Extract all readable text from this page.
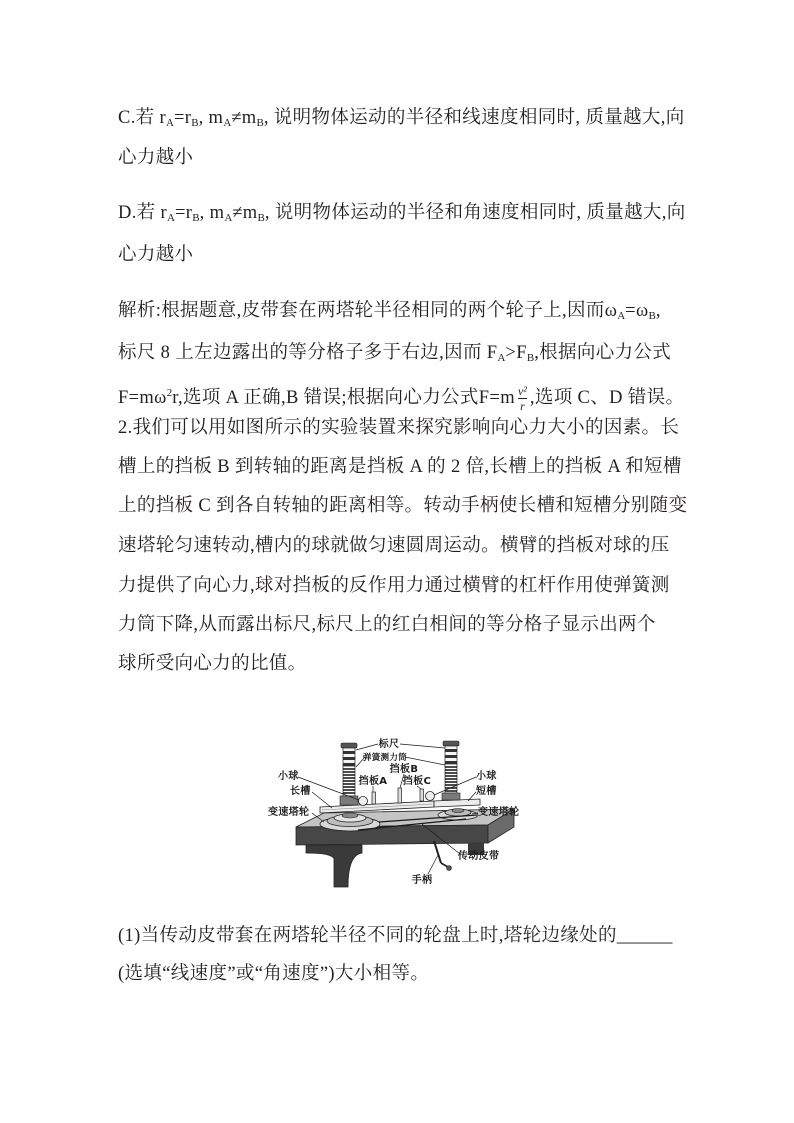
C.若 $r_A=r_B$, $m_A\ne m_B$, 说明物体运动的半径和线速度相同时, 质量越大,向
心力越小
D.若 $r_A=r_B$, $m_A\ne m_B$, 说明物体运动的半径和角速度相同时, 质量越大,向
心力越小
解析:根据题意,皮带套在两塔轮半径相同的两个轮子上,因而$\omega_A=\omega_B$,
标尺 8 上左边露出的等分格子多于右边,因而 $F_A>F_B$,根据向心力公式
$F=m\omega^2r$,选项 A 正确,B 错误;根据向心力公式$F=m \frac{\text{v²}}{r}$ ,选项 C、D 错误。
2.我们可以用如图所示的实验装置来探究影响向心力大小的因素。长
槽上的挡板 B 到转轴的距离是挡板 A 的 2 倍,长槽上的挡板 A 和短槽
上的挡板 C 到各自转轴的距离相等。转动手柄使长槽和短槽分别随变
速塔轮匀速转动,槽内的球就做匀速圆周运动。横臂的挡板对球的压
力提供了向心力,球对挡板的反作用力通过横臂的杠杆作用使弹簧测
力筒下降,从而露出标尺,标尺上的红白相间的等分格子显示出两个
球所受向心力的比值。
标尺
弹簧测力筒
挡板B
小球	挡板A 挡板C	小球
长槽	短槽
变速塔轮	变速塔轮
传动皮带
手柄
(1)当传动皮带套在两塔轮半径不同的轮盘上时,塔轮边缘处的______
(选填“线速度”或“角速度”)大小相等。
